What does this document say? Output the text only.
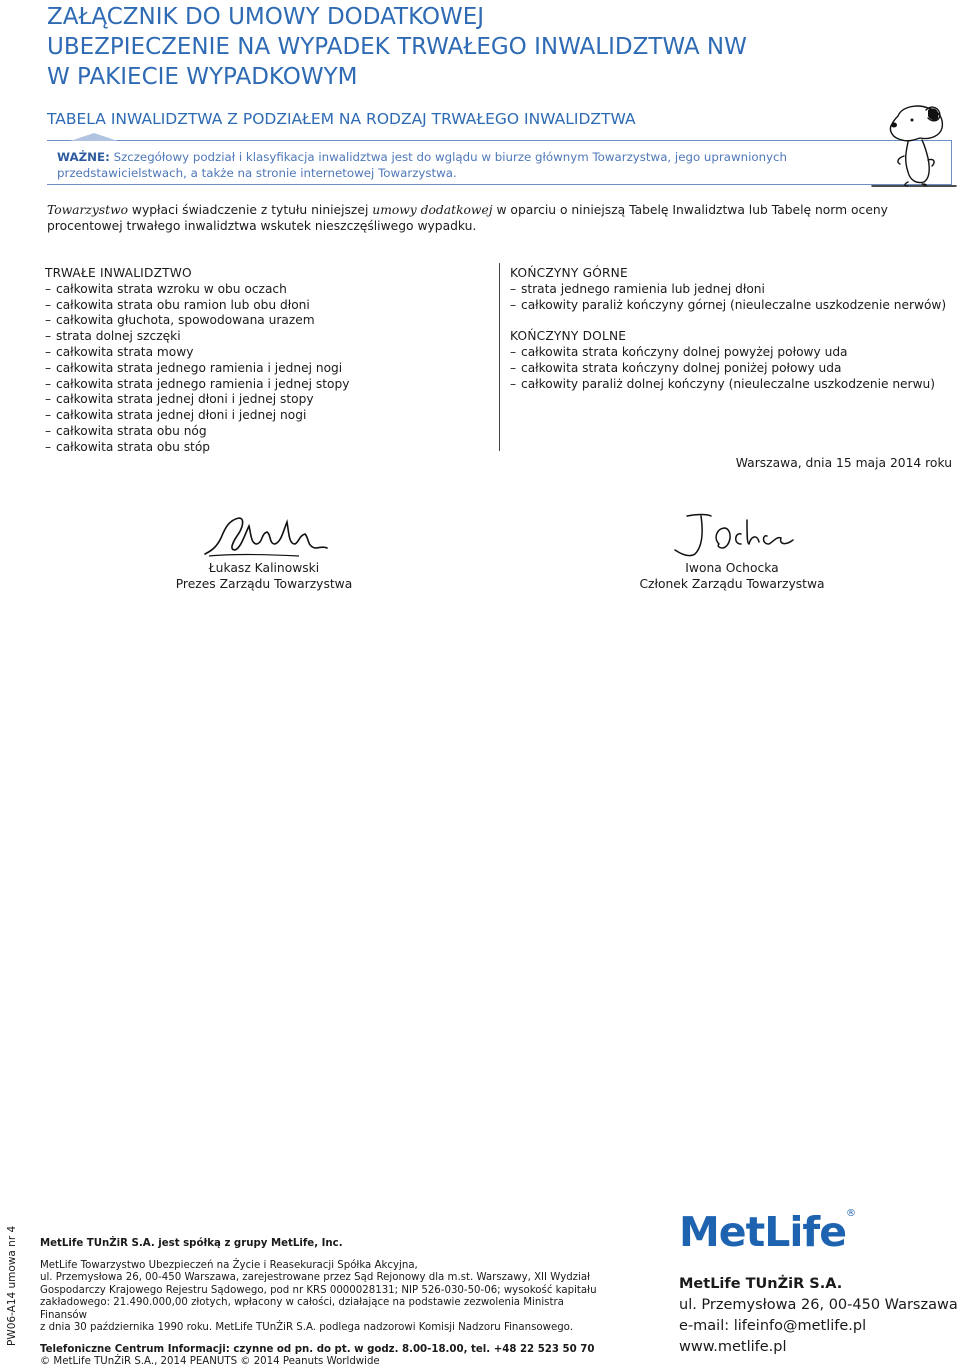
ZAŁĄCZNIK DO UMOWY DODATKOWEJ
UBEZPIECZENIE NA WYPADEK TRWAŁEGO INWALIDZTWA NW
W PAKIECIE WYPADKOWYM
TABELA INWALIDZTWA Z PODZIAŁEM NA RODZAJ TRWAŁEGO INWALIDZTWA
WAŻNE: Szczegółowy podział i klasyfikacja inwalidztwa jest do wglądu w biurze głównym Towarzystwa, jego uprawnionych przedstawicielstwach, a także na stronie internetowej Towarzystwa.
Towarzystwo wypłaci świadczenie z tytułu niniejszej umowy dodatkowej w oparciu o niniejszą Tabelę Inwalidztwa lub Tabelę norm oceny procentowej trwałego inwalidztwa wskutek nieszczęśliwego wypadku.
TRWAŁE INWALIDZTWO
– całkowita strata wzroku w obu oczach
– całkowita strata obu ramion lub obu dłoni
– całkowita głuchota, spowodowana urazem
– strata dolnej szczęki
– całkowita strata mowy
– całkowita strata jednego ramienia i jednej nogi
– całkowita strata jednego ramienia i jednej stopy
– całkowita strata jednej dłoni i jednej stopy
– całkowita strata jednej dłoni i jednej nogi
– całkowita strata obu nóg
– całkowita strata obu stóp
KOŃCZYNY GÓRNE
– strata jednego ramienia lub jednej dłoni
– całkowity paraliż kończyny górnej (nieuleczalne uszkodzenie nerwów)
KOŃCZYNY DOLNE
– całkowita strata kończyny dolnej powyżej połowy uda
– całkowita strata kończyny dolnej poniżej połowy uda
– całkowity paraliż dolnej kończyny (nieuleczalne uszkodzenie nerwu)
Warszawa, dnia 15 maja 2014 roku
Łukasz Kalinowski
Prezes Zarządu Towarzystwa
Iwona Ochocka
Członek Zarządu Towarzystwa
PW06-A14 umowa nr 4 MetLife TUnŻiR S.A. jest spółką z grupy MetLife, Inc.

MetLife Towarzystwo Ubezpieczeń na Życie i Reasekuracji Spółka Akcyjna,

ul. Przemysłowa 26, 00-450 Warszawa, zarejestrowane przez Sąd Rejonowy dla m.st. Warszawy, XII Wydział

Gospodarczy Krajowego Rejestru Sądowego, pod nr KRS 0000028131; NIP 526-030-50-06; wysokość kapitału

zakładowego: 21.490.000,00 złotych, wpłacony w całości, działające na podstawie zezwolenia Ministra Finansów

z dnia 30 października 1990 roku. MetLife TUnŻiR S.A. podlega nadzorowi Komisji Nadzoru Finansowego.

Telefoniczne Centrum Informacji: czynne od pn. do pt. w godz. 8.00-18.00, tel. +48 22 523 50 70

© MetLife TUnŻiR S.A., 2014 PEANUTS © 2014 Peanuts Worldwide

MetLife®
MetLife TUnŻiR S.A.
ul. Przemysłowa 26, 00-450 Warszawa
e-mail: lifeinfo@metlife.pl
www.metlife.pl
